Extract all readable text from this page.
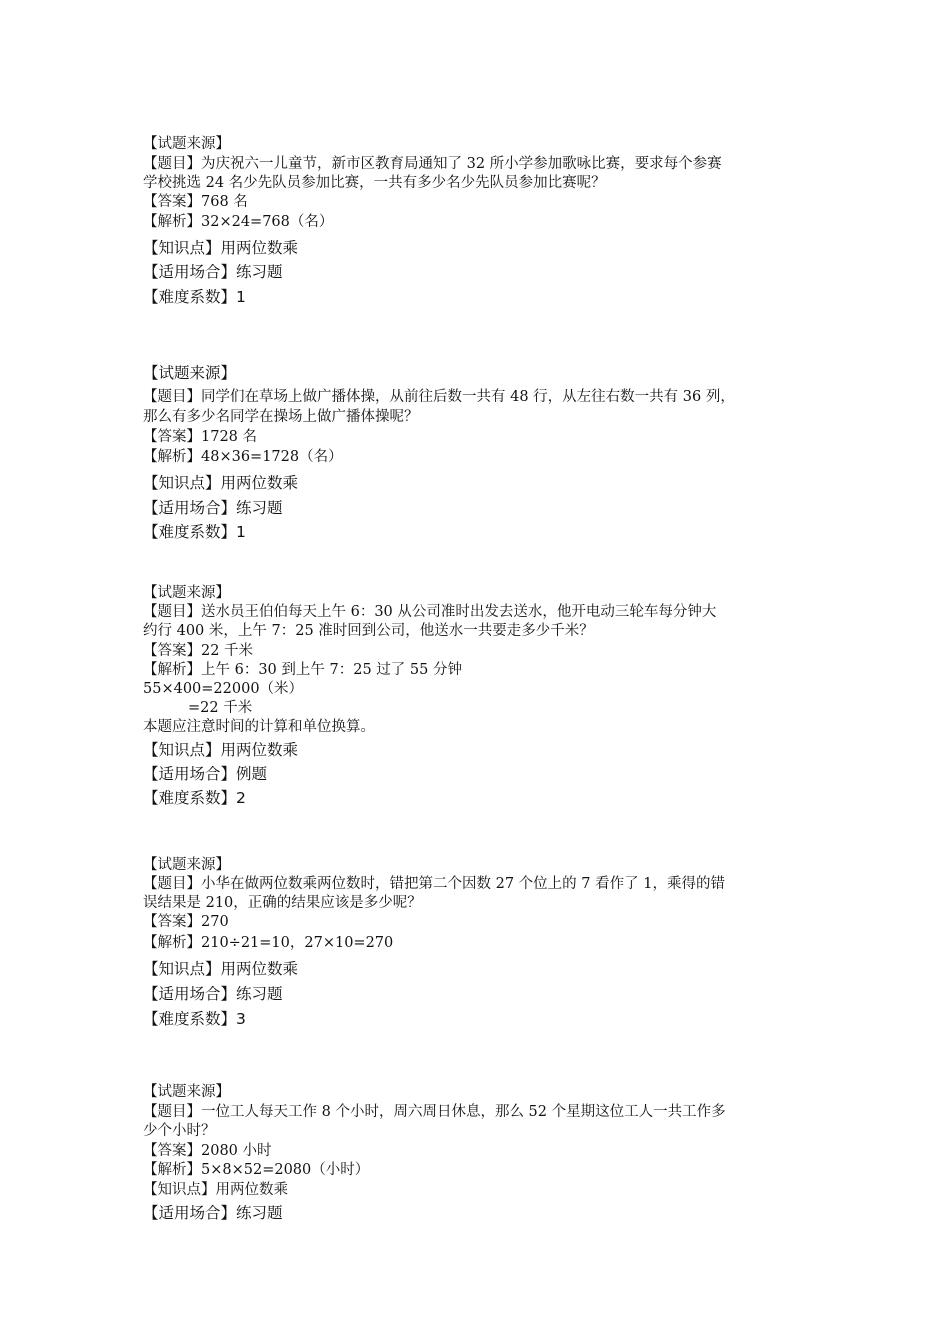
【试题来源】
【题目】为庆祝六一儿童节，新市区教育局通知了 32 所小学参加歌咏比赛，要求每个参赛
学校挑选 24 名少先队员参加比赛，一共有多少名少先队员参加比赛呢？
【答案】768 名
【解析】32×24=768（名）
【知识点】用两位数乘
【适用场合】练习题
【难度系数】1
【试题来源】
【题目】同学们在草场上做广播体操，从前往后数一共有 48 行，从左往右数一共有 36 列，
那么有多少名同学在操场上做广播体操呢？
【答案】1728 名
【解析】48×36=1728（名）
【知识点】用两位数乘
【适用场合】练习题
【难度系数】1
【试题来源】
【题目】送水员王伯伯每天上午 6：30 从公司准时出发去送水，他开电动三轮车每分钟大
约行 400 米，上午 7：25 准时回到公司，他送水一共要走多少千米？
【答案】22 千米
【解析】上午 6：30 到上午 7：25 过了 55 分钟
55×400=22000（米）
=22 千米
本题应注意时间的计算和单位换算。
【知识点】用两位数乘
【适用场合】例题
【难度系数】2
【试题来源】
【题目】小华在做两位数乘两位数时，错把第二个因数 27 个位上的 7 看作了 1，乘得的错
误结果是 210，正确的结果应该是多少呢？
【答案】270
【解析】210÷21=10，27×10=270
【知识点】用两位数乘
【适用场合】练习题
【难度系数】3
【试题来源】
【题目】一位工人每天工作 8 个小时，周六周日休息，那么 52 个星期这位工人一共工作多
少个小时？
【答案】2080 小时
【解析】5×8×52=2080（小时）
【知识点】用两位数乘
【适用场合】练习题
